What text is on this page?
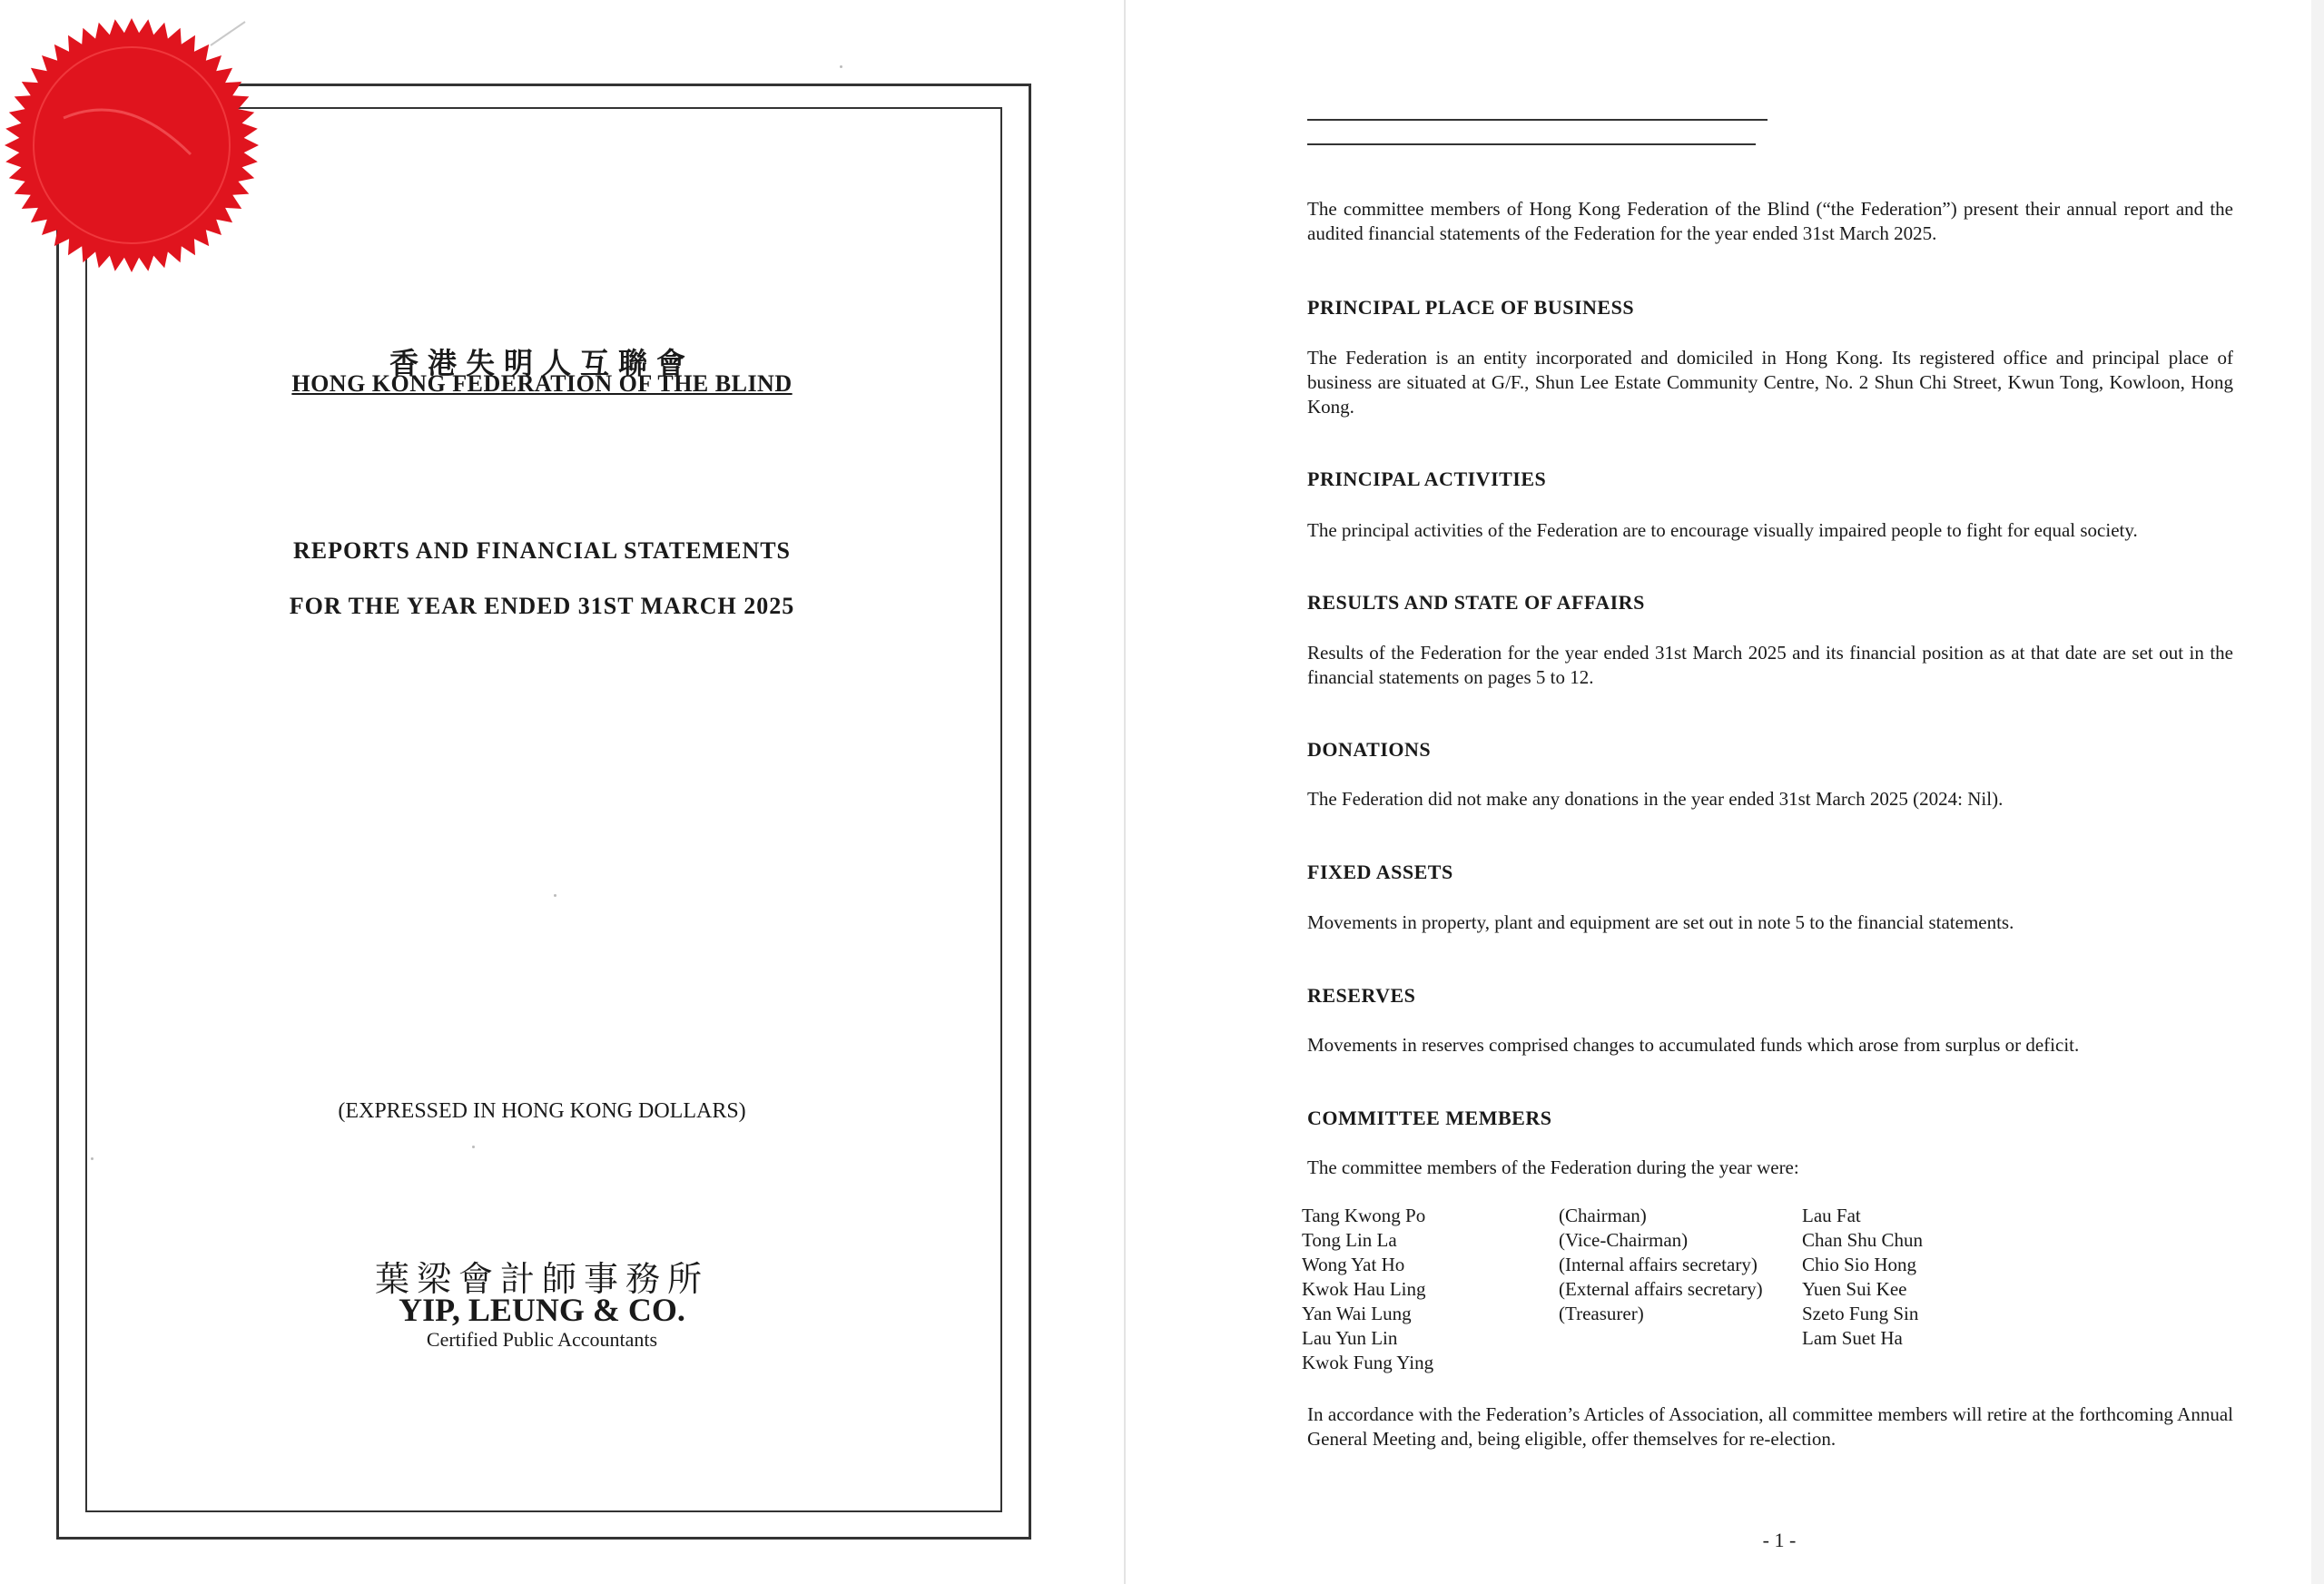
香港失明人互聯會
HONG KONG FEDERATION OF THE BLIND
REPORTS AND FINANCIAL STATEMENTS
FOR THE YEAR ENDED 31ST MARCH 2025
(EXPRESSED IN HONG KONG DOLLARS)
葉梁會計師事務所
YIP, LEUNG & CO.
Certified Public Accountants
The committee members of Hong Kong Federation of the Blind (“the Federation”) present their annual report and the audited financial statements of the Federation for the year ended 31st March 2025.
PRINCIPAL PLACE OF BUSINESS
The Federation is an entity incorporated and domiciled in Hong Kong. Its registered office and principal place of business are situated at G/F., Shun Lee Estate Community Centre, No. 2 Shun Chi Street, Kwun Tong, Kowloon, Hong Kong.
PRINCIPAL ACTIVITIES
The principal activities of the Federation are to encourage visually impaired people to fight for equal society.
RESULTS AND STATE OF AFFAIRS
Results of the Federation for the year ended 31st March 2025 and its financial position as at that date are set out in the financial statements on pages 5 to 12.
DONATIONS
The Federation did not make any donations in the year ended 31st March 2025 (2024: Nil).
FIXED ASSETS
Movements in property, plant and equipment are set out in note 5 to the financial statements.
RESERVES
Movements in reserves comprised changes to accumulated funds which arose from surplus or deficit.
COMMITTEE MEMBERS
The committee members of the Federation during the year were:
Tang Kwong Po
Tong Lin La
Wong Yat Ho
Kwok Hau Ling
Yan Wai Lung
Lau Yun Lin
Kwok Fung Ying
(Chairman)
(Vice-Chairman)
(Internal affairs secretary)
(External affairs secretary)
(Treasurer)
Lau Fat
Chan Shu Chun
Chio Sio Hong
Yuen Sui Kee
Szeto Fung Sin
Lam Suet Ha
In accordance with the Federation’s Articles of Association, all committee members will retire at the forthcoming Annual General Meeting and, being eligible, offer themselves for re-election.
- 1 -
